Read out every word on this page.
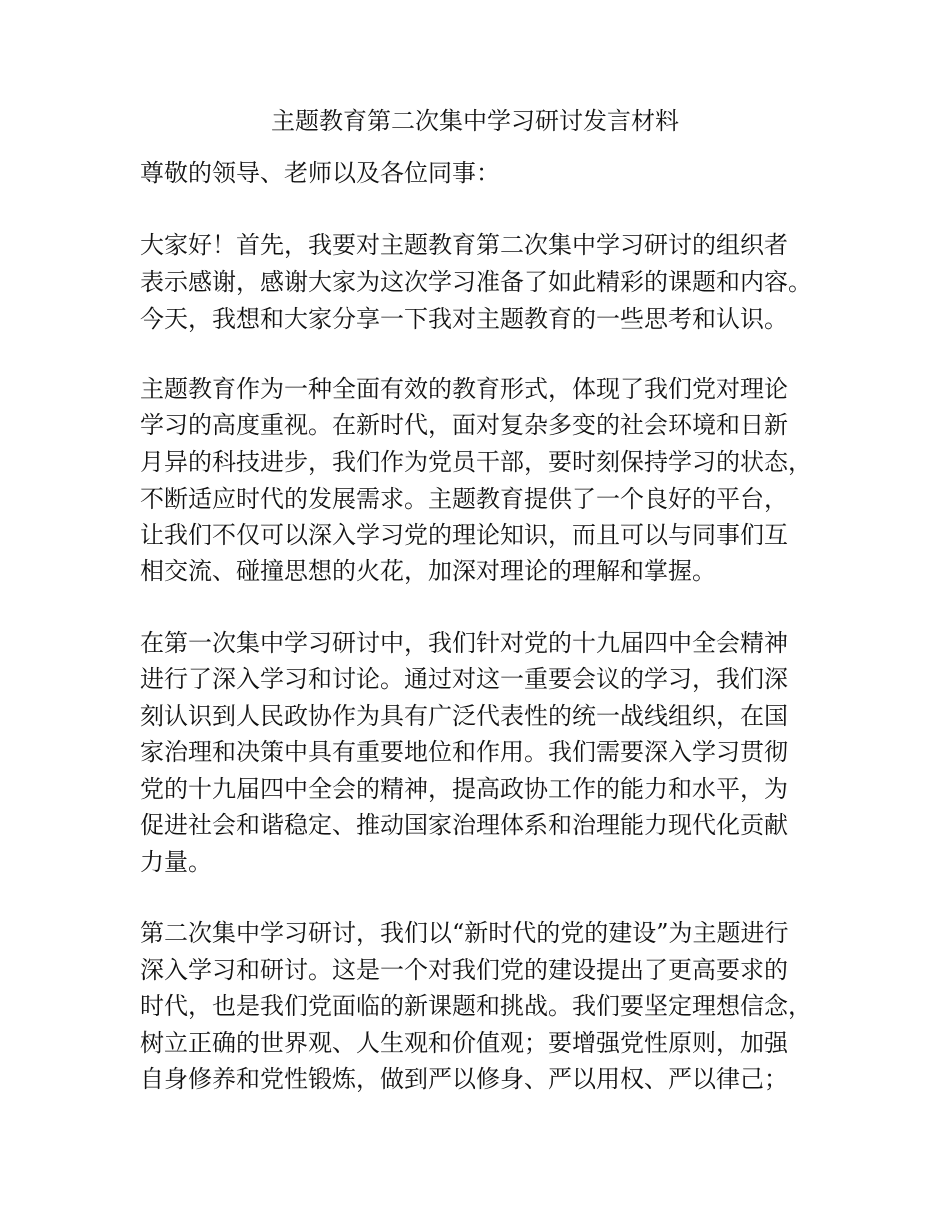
主题教育第二次集中学习研讨发言材料
尊敬的领导、老师以及各位同事：
大家好！首先，我要对主题教育第二次集中学习研讨的组织者
表示感谢，感谢大家为这次学习准备了如此精彩的课题和内容。
今天，我想和大家分享一下我对主题教育的一些思考和认识。
主题教育作为一种全面有效的教育形式，体现了我们党对理论
学习的高度重视。在新时代，面对复杂多变的社会环境和日新
月异的科技进步，我们作为党员干部，要时刻保持学习的状态，
不断适应时代的发展需求。主题教育提供了一个良好的平台，
让我们不仅可以深入学习党的理论知识，而且可以与同事们互
相交流、碰撞思想的火花，加深对理论的理解和掌握。
在第一次集中学习研讨中，我们针对党的十九届四中全会精神
进行了深入学习和讨论。通过对这一重要会议的学习，我们深
刻认识到人民政协作为具有广泛代表性的统一战线组织，在国
家治理和决策中具有重要地位和作用。我们需要深入学习贯彻
党的十九届四中全会的精神，提高政协工作的能力和水平，为
促进社会和谐稳定、推动国家治理体系和治理能力现代化贡献
力量。
第二次集中学习研讨，我们以“新时代的党的建设”为主题进行
深入学习和研讨。这是一个对我们党的建设提出了更高要求的
时代，也是我们党面临的新课题和挑战。我们要坚定理想信念，
树立正确的世界观、人生观和价值观；要增强党性原则，加强
自身修养和党性锻炼，做到严以修身、严以用权、严以律己；
